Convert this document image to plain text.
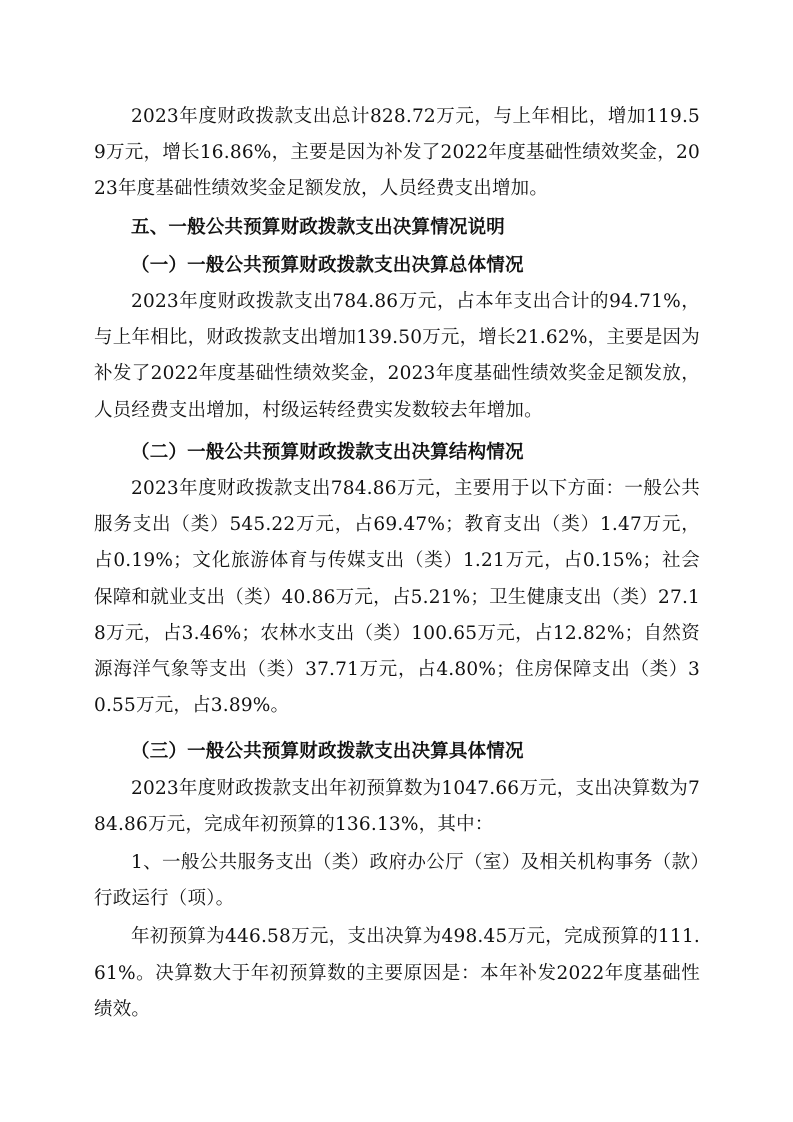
2023年度财政拨款支出总计828.72万元，与上年相比，增加119.59万元，增长16.86%，主要是因为补发了2022年度基础性绩效奖金，2023年度基础性绩效奖金足额发放，人员经费支出增加。

五、一般公共预算财政拨款支出决算情况说明

（一）一般公共预算财政拨款支出决算总体情况

2023年度财政拨款支出784.86万元，占本年支出合计的94.71%，与上年相比，财政拨款支出增加139.50万元，增长21.62%，主要是因为补发了2022年度基础性绩效奖金，2023年度基础性绩效奖金足额发放，人员经费支出增加，村级运转经费实发数较去年增加。

（二）一般公共预算财政拨款支出决算结构情况

2023年度财政拨款支出784.86万元，主要用于以下方面：一般公共服务支出（类）545.22万元，占69.47%；教育支出（类）1.47万元，占0.19%；文化旅游体育与传媒支出（类）1.21万元，占0.15%；社会保障和就业支出（类）40.86万元，占5.21%；卫生健康支出（类）27.18万元，占3.46%；农林水支出（类）100.65万元，占12.82%；自然资源海洋气象等支出（类）37.71万元，占4.80%；住房保障支出（类）30.55万元，占3.89%。

（三）一般公共预算财政拨款支出决算具体情况

2023年度财政拨款支出年初预算数为1047.66万元，支出决算数为784.86万元，完成年初预算的136.13%，其中：

1、一般公共服务支出（类）政府办公厅（室）及相关机构事务（款）行政运行（项）。

年初预算为446.58万元，支出决算为498.45万元，完成预算的111.61%。决算数大于年初预算数的主要原因是：本年补发2022年度基础性绩效。
